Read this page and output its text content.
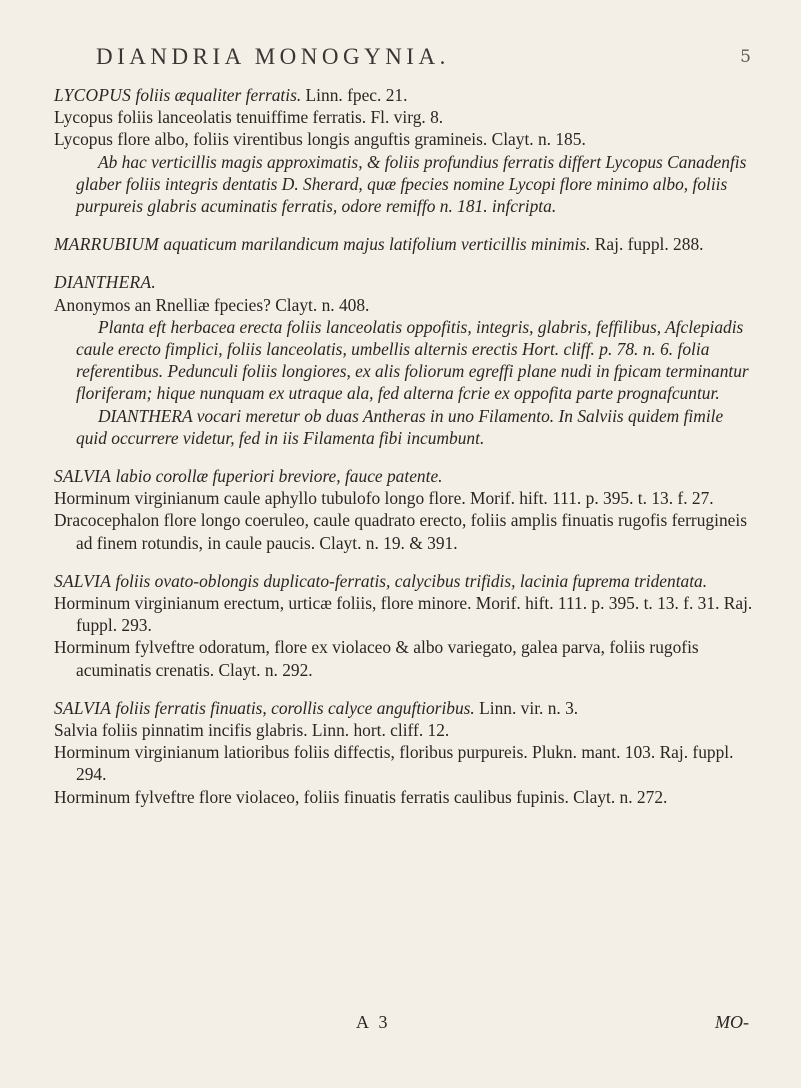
DIANDRIA MONOGYNIA.	5

LYCOPUS foliis æqualiter ferratis. Linn. fpec. 21.

Lycopus foliis lanceolatis tenuiffime ferratis. Fl. virg. 8.

Lycopus flore albo, foliis virentibus longis anguftis gramineis. Clayt. n. 185.

Ab hac verticillis magis approximatis, & foliis profundius ferratis differt Lycopus Canadenfis glaber foliis integris dentatis D. Sherard, quæ fpecies nomine Lycopi flore minimo albo, foliis purpureis glabris acuminatis ferratis, odore remiffo n. 181. infcripta.

MARRUBIUM aquaticum marilandicum majus latifolium verticillis minimis. Raj. fuppl. 288.

DIANTHERA.

Anonymos an Rnelliæ fpecies? Clayt. n. 408.

Planta eft herbacea erecta foliis lanceolatis oppofitis, integris, glabris, feffilibus, Afclepiadis caule erecto fimplici, foliis lanceolatis, umbellis alternis erectis Hort. cliff. p. 78. n. 6. folia referentibus. Pedunculi foliis longiores, ex alis foliorum egreffi plane nudi in fpicam terminantur floriferam; hique nunquam ex utraque ala, fed alterna fcrie ex oppofita parte prognafcuntur.

DIANTHERA vocari meretur ob duas Antheras in uno Filamento. In Salviis quidem fimile quid occurrere videtur, fed in iis Filamenta fibi incumbunt.

SALVIA labio corollæ fuperiori breviore, fauce patente.

Horminum virginianum caule aphyllo tubulofo longo flore. Morif. hift. 111. p. 395. t. 13. f. 27.

Dracocephalon flore longo coeruleo, caule quadrato erecto, foliis amplis finuatis rugofis ferrugineis ad finem rotundis, in caule paucis. Clayt. n. 19. & 391.

SALVIA foliis ovato-oblongis duplicato-ferratis, calycibus trifidis, lacinia fuprema tridentata.

Horminum virginianum erectum, urticæ foliis, flore minore. Morif. hift. 111. p. 395. t. 13. f. 31. Raj. fuppl. 293.

Horminum fylveftre odoratum, flore ex violaceo & albo variegato, galea parva, foliis rugofis acuminatis crenatis. Clayt. n. 292.

SALVIA foliis ferratis finuatis, corollis calyce anguftioribus. Linn. vir. n. 3.

Salvia foliis pinnatim incifis glabris. Linn. hort. cliff. 12.

Horminum virginianum latioribus foliis diffectis, floribus purpureis. Plukn. mant. 103. Raj. fuppl. 294.

Horminum fylveftre flore violaceo, foliis finuatis ferratis caulibus fupinis. Clayt. n. 272.

A 3	MO-
